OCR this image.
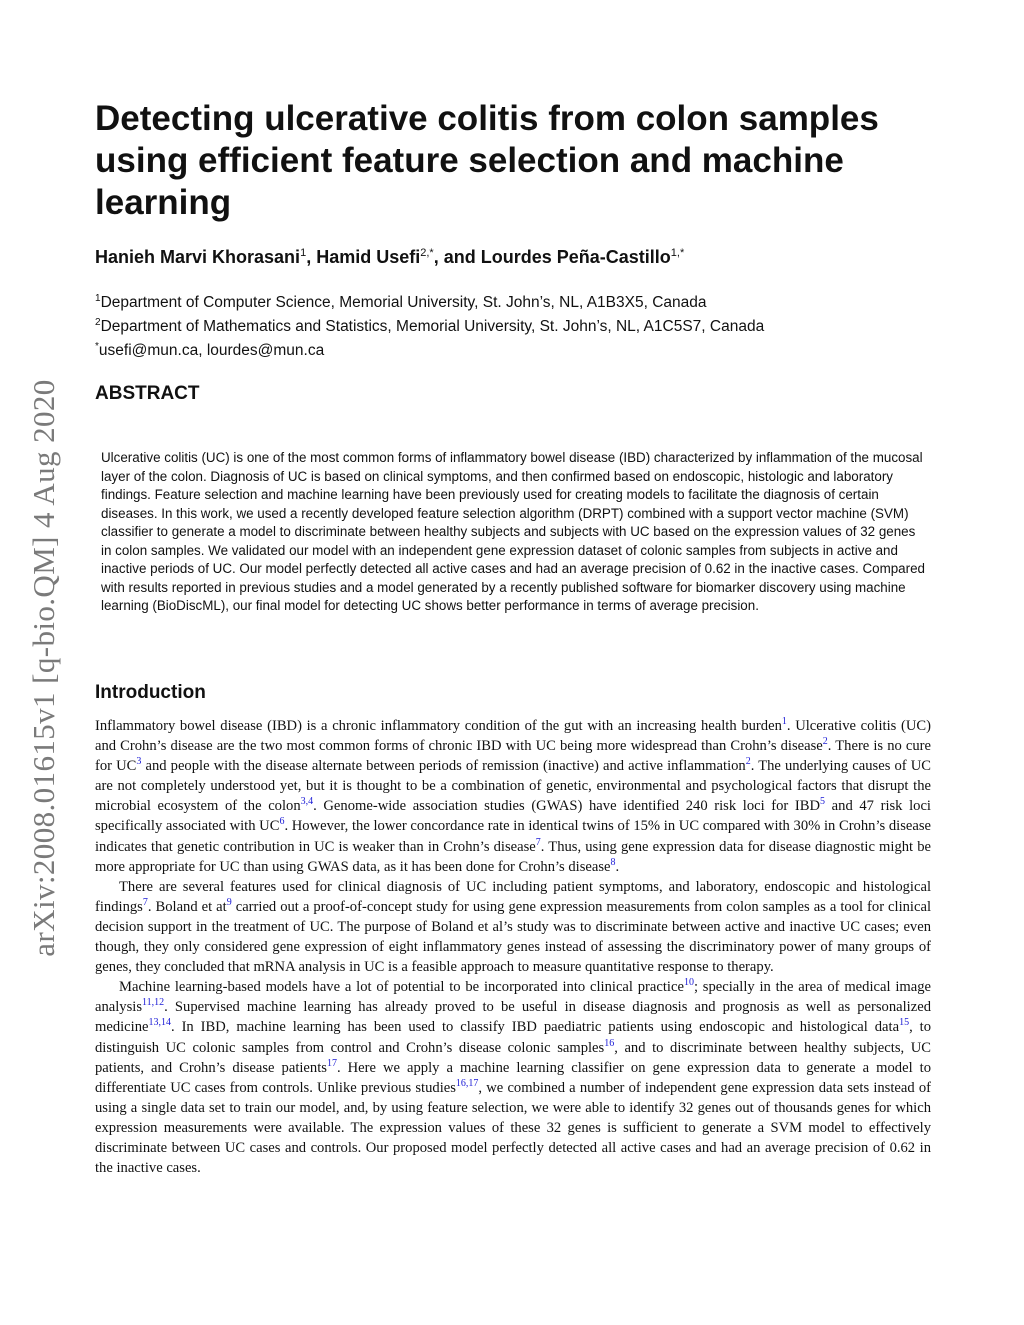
arXiv:2008.01615v1 [q-bio.QM] 4 Aug 2020
Detecting ulcerative colitis from colon samples using efficient feature selection and machine learning

Hanieh Marvi Khorasani$^1$, Hamid Usefi$^{2,*}$, and Lourdes Peña-Castillo$^{1,*}$

$^1$Department of Computer Science, Memorial University, St. John’s, NL, A1B3X5, Canada
$^2$Department of Mathematics and Statistics, Memorial University, St. John’s, NL, A1C5S7, Canada
*usefi@mun.ca, lourdes@mun.ca
ABSTRACT

Ulcerative colitis (UC) is one of the most common forms of inflammatory bowel disease (IBD) characterized by inflammation of the mucosal layer of the colon. Diagnosis of UC is based on clinical symptoms, and then confirmed based on endoscopic, histologic and laboratory findings. Feature selection and machine learning have been previously used for creating models to facilitate the diagnosis of certain diseases. In this work, we used a recently developed feature selection algorithm (DRPT) combined with a support vector machine (SVM) classifier to generate a model to discriminate between healthy subjects and subjects with UC based on the expression values of 32 genes in colon samples. We validated our model with an independent gene expression dataset of colonic samples from subjects in active and inactive periods of UC. Our model perfectly detected all active cases and had an average precision of 0.62 in the inactive cases. Compared with results reported in previous studies and a model generated by a recently published software for biomarker discovery using machine learning (BioDiscML), our final model for detecting UC shows better performance in terms of average precision.

Introduction

Inflammatory bowel disease (IBD) is a chronic inflammatory condition of the gut with an increasing health burden$^1$. Ulcerative colitis (UC) and Crohn’s disease are the two most common forms of chronic IBD with UC being more widespread than Crohn’s disease$^2$. There is no cure for $UC^3$ and people with the disease alternate between periods of remission (inactive) and active inflammation$^2$. The underlying causes of UC are not completely understood yet, but it is thought to be a combination of genetic, environmental and psychological factors that disrupt the microbial ecosystem of the colon$^{3,4}$. Genome-wide association studies (GWAS) have identified 240 risk loci for IBD$^5$ and 47 risk loci specifically associated with $UC^6$. However, the lower concordance rate in identical twins of 15% in UC compared with 30% in Crohn’s disease indicates that genetic contribution in UC is weaker than in Crohn’s disease$^7$. Thus, using gene expression data for disease diagnostic might be more appropriate for UC than using GWAS data, as it has been done for Crohn’s disease$^8$.

There are several features used for clinical diagnosis of UC including patient symptoms, and laboratory, endoscopic and histological findings$^7$. Boland et $at^9$ carried out a proof-of-concept study for using gene expression measurements from colon samples as a tool for clinical decision support in the treatment of UC. The purpose of Boland et al’s study was to discriminate between active and inactive UC cases; even though, they only considered gene expression of eight inflammatory genes instead of assessing the discriminatory power of many groups of genes, they concluded that mRNA analysis in UC is a feasible approach to measure quantitative response to therapy.

Machine learning-based models have a lot of potential to be incorporated into clinical practice$^{10}$; specially in the area of medical image analysis$^{11,12}$. Supervised machine learning has already proved to be useful in disease diagnosis and prognosis as well as personalized medicine$^{13,14}$. In IBD, machine learning has been used to classify IBD paediatric patients using endoscopic and histological data$^{15}$, to distinguish UC colonic samples from control and Crohn’s disease colonic samples$^{16}$, and to discriminate between healthy subjects, UC patients, and Crohn’s disease patients$^{17}$. Here we apply a machine learning classifier on gene expression data to generate a model to differentiate UC cases from controls. Unlike previous studies$^{16,17}$, we combined a number of independent gene expression data sets instead of using a single data set to train our model, and, by using feature selection, we were able to identify 32 genes out of thousands genes for which expression measurements were available. The expression values of these 32 genes is sufficient to generate a SVM model to effectively discriminate between UC cases and controls. Our proposed model perfectly detected all active cases and had an average precision of 0.62 in the inactive cases.
